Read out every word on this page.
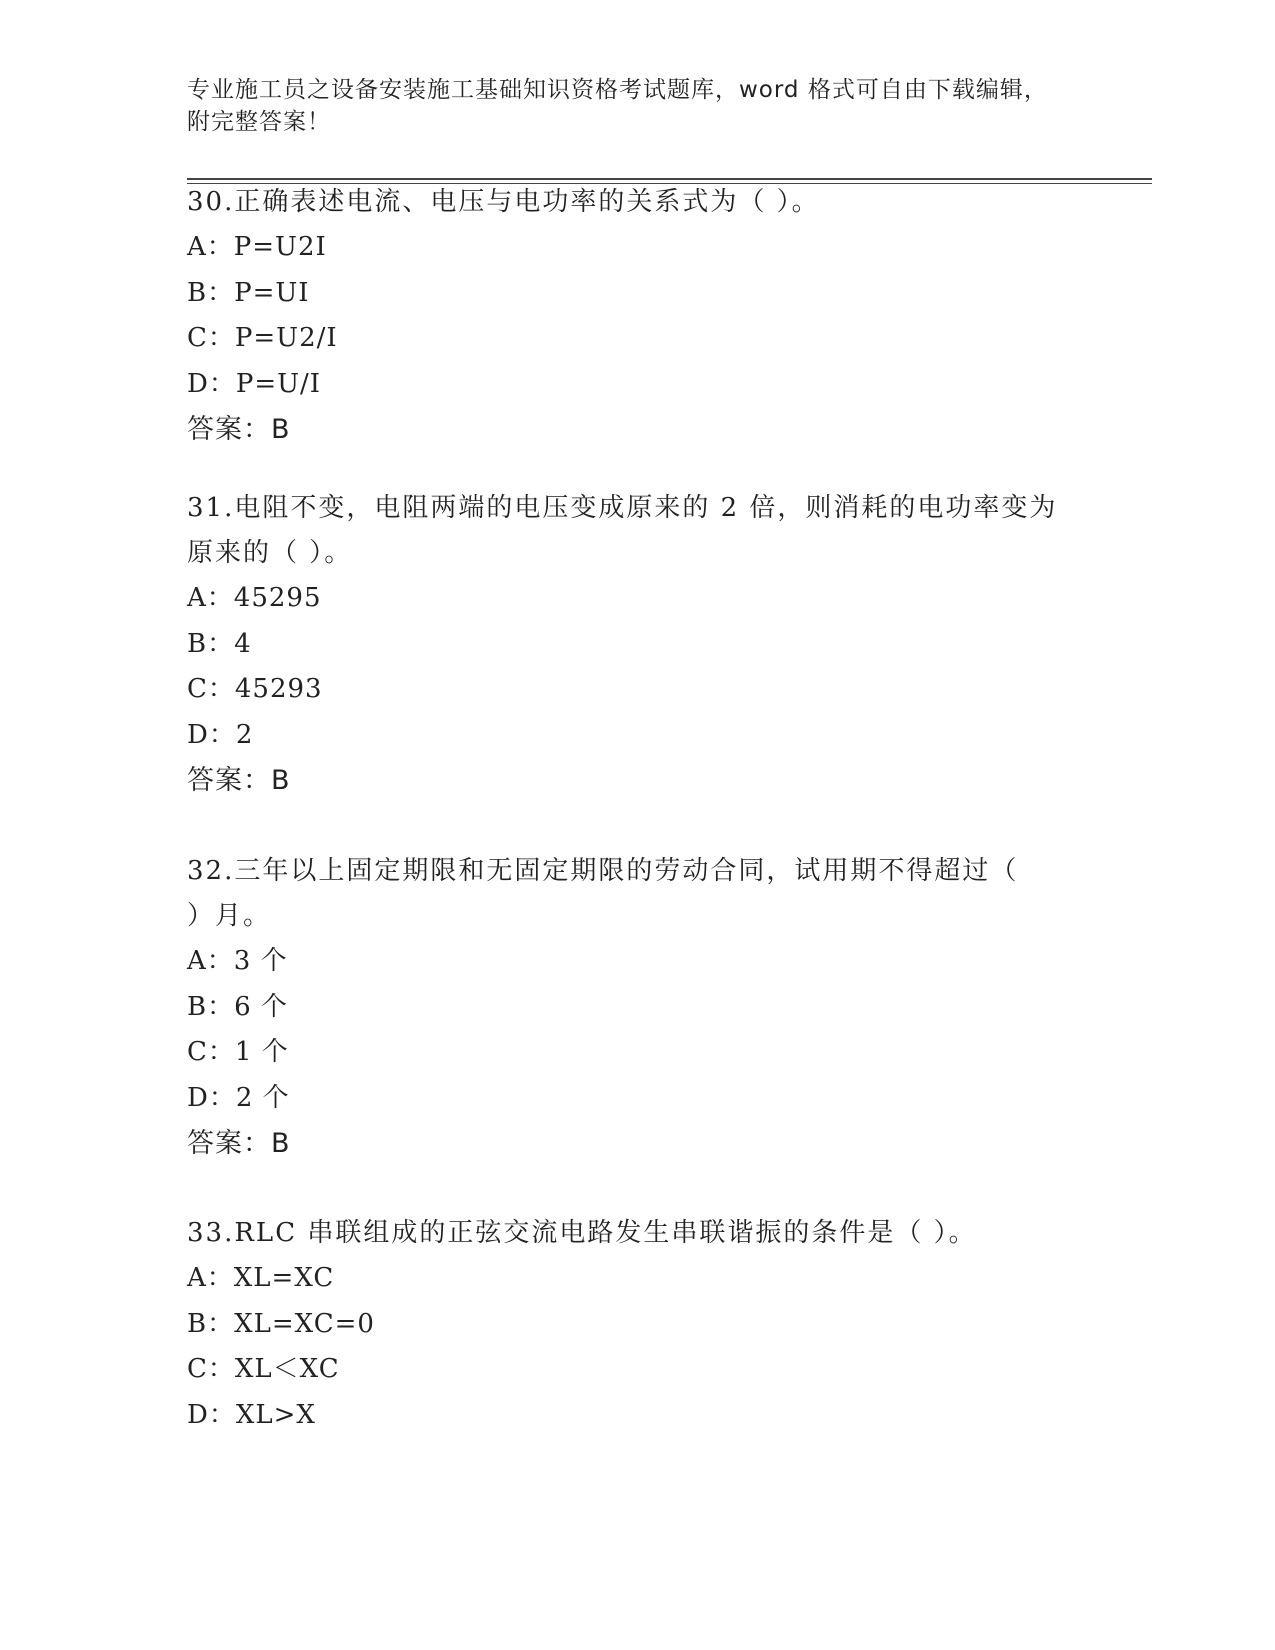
专业施工员之设备安装施工基础知识资格考试题库，word 格式可自由下载编辑，
附完整答案！
30.正确表述电流、电压与电功率的关系式为（ ）。
A：P=U2I
B：P=UI
C：P=U2/I
D：P=U/I
答案：B
31.电阻不变，电阻两端的电压变成原来的 2 倍，则消耗的电功率变为
原来的（ ）。
A：45295
B：4
C：45293
D：2
答案：B
32.三年以上固定期限和无固定期限的劳动合同，试用期不得超过（
）月。
A：3 个
B：6 个
C：1 个
D：2 个
答案：B
33.RLC 串联组成的正弦交流电路发生串联谐振的条件是（ ）。
A：XL=XC
B：XL=XC=0
C：XL＜XC
D：XL>X
